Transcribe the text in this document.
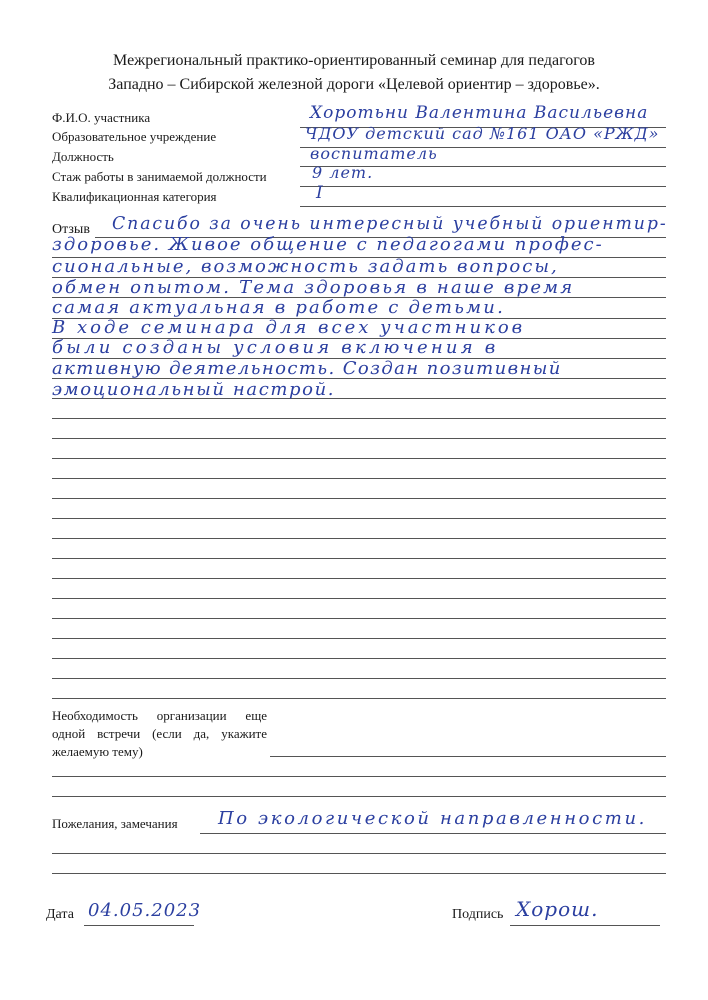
Межрегиональный практико-ориентированный семинар для педагогов
Западно – Сибирской железной дороги «Целевой ориентир – здоровье».
Ф.И.О. участника	Хоротьни Валентина Васильевна
Образовательное учреждение	ЧДОУ детский сад №161 ОАО «РЖД»
Должность	воспитатель
Стаж работы в занимаемой должности	9 лет.
Квалификационная категория	I
Отзыв Спасибо за очень интересный учебный ориентир-
здоровье. Живое общение с педагогами профес-
сиональные, возможность задать вопросы,
обмен опытом. Тема здоровья в наше время
самая актуальная в работе с детьми.
В ходе семинара для всех участников
были созданы условия включения в
активную деятельность. Создан позитивный
эмоциональный настрой.
Необходимость организации еще одной встречи (если да, укажите желаемую тему)
Пожелания, замечания По экологической направленности.
Дата 04.05.2023	Подпись Хорош.
